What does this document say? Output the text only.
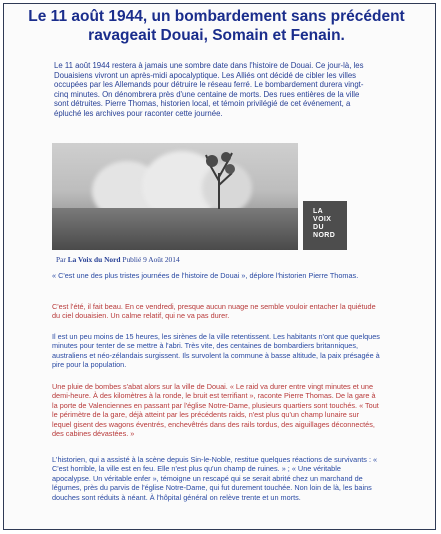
Le 11 août 1944, un bombardement sans précédent ravageait Douai, Somain et Fenain.
Le 11 août 1944 restera à jamais une sombre date dans l'histoire de Douai. Ce jour-là, les Douaisiens vivront un après-midi apocalyptique. Les Alliés ont décidé de cibler les villes occupées par les Allemands pour détruire le réseau ferré. Le bombardement durera vingt-cinq minutes. On dénombrera près d'une centaine de morts. Des rues entières de la ville sont détruites. Pierre Thomas, historien local, et témoin privilégié de cet événement, a épluché les archives pour raconter cette journée.
LA
VOIX
DU
NORD
Par La Voix du Nord Publié 9 Août 2014
« C'est une des plus tristes journées de l'histoire de Douai », déplore l'historien Pierre Thomas.
C'est l'été, il fait beau. En ce vendredi, presque aucun nuage ne semble vouloir entacher la quiétude du ciel douaisien. Un calme relatif, qui ne va pas durer.
Il est un peu moins de 15 heures, les sirènes de la ville retentissent. Les habitants n'ont que quelques minutes pour tenter de se mettre à l'abri. Très vite, des centaines de bombardiers britanniques, australiens et néo-zélandais surgissent. Ils survolent la commune à basse altitude, la paix présagée à pire pour la population.
Une pluie de bombes s'abat alors sur la ville de Douai. « Le raid va durer entre vingt minutes et une demi-heure. À des kilomètres à la ronde, le bruit est terrifiant », raconte Pierre Thomas. De la gare à la porte de Valenciennes en passant par l'église Notre-Dame, plusieurs quartiers sont touchés. « Tout le périmètre de la gare, déjà atteint par les précédents raids, n'est plus qu'un champ lunaire sur lequel gisent des wagons éventrés, enchevêtrés dans des rails tordus, des aiguillages déconnectés, des cabines dévastées. »
L'historien, qui a assisté à la scène depuis Sin-le-Noble, restitue quelques réactions de survivants : « C'est horrible, la ville est en feu. Elle n'est plus qu'un champ de ruines. » ; « Une véritable apocalypse. Un véritable enfer », témoigne un rescapé qui se serait abrité chez un marchand de légumes, près du parvis de l'église Notre-Dame, qui fut durement touchée. Non loin de là, les bains douches sont réduits à néant. À l'hôpital général on relève trente et un morts.
